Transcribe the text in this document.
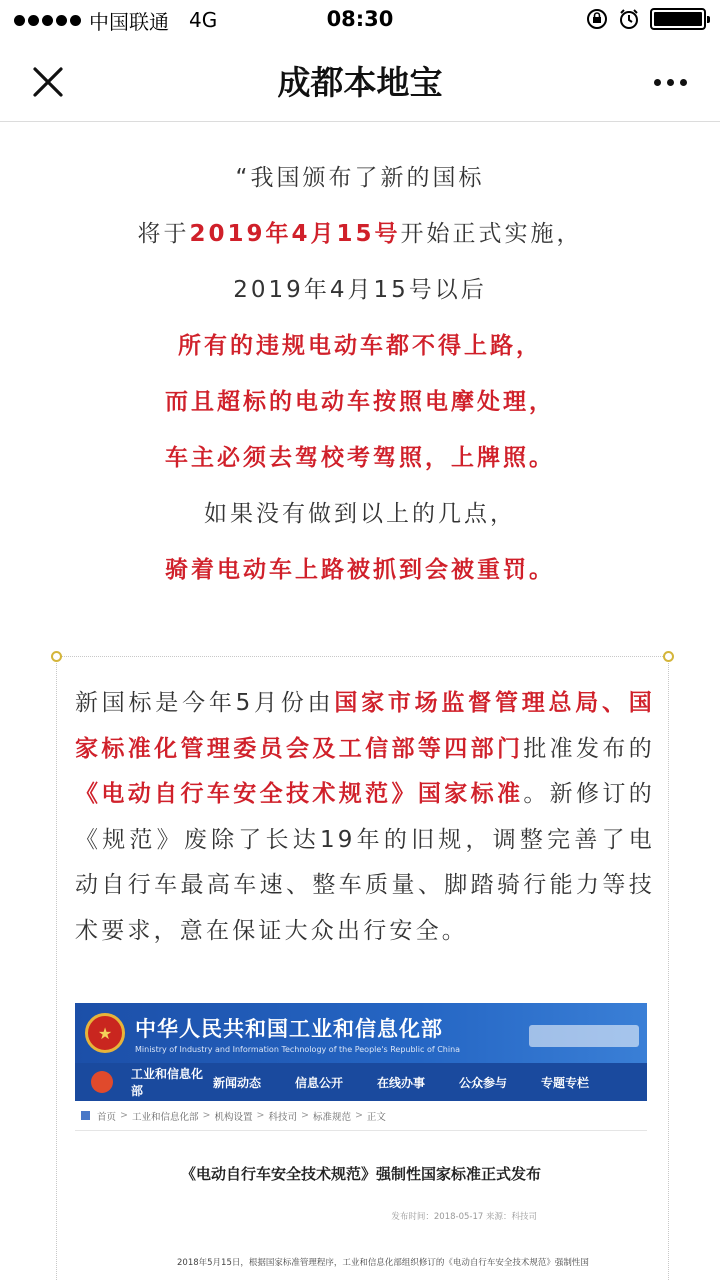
中国联通 4G	08:30
成都本地宝

“我国颁布了新的国标

将于2019年4月15号开始正式实施，

2019年4月15号以后

所有的违规电动车都不得上路，

而且超标的电动车按照电摩处理，

车主必须去驾校考驾照，上牌照。

如果没有做到以上的几点，

骑着电动车上路被抓到会被重罚。

新国标是今年5月份由国家市场监督管理总局、国家标准化管理委员会及工信部等四部门批准发布的《电动自行车安全技术规范》国家标准。新修订的《规范》废除了长达19年的旧规，调整完善了电动自行车最高车速、整车质量、脚踏骑行能力等技术要求，意在保证大众出行安全。
★
中华人民共和国工业和信息化部
Ministry of Industry and Information Technology of the People's Republic of China
工业和信息化部
新闻动态	信息公开	在线办事	公众参与	专题专栏
首页 > 工业和信息化部 > 机构设置 > 科技司 > 标准规范 > 正文
《电动自行车安全技术规范》强制性国家标准正式发布
发布时间：2018-05-17 来源：科技司
2018年5月15日，根据国家标准管理程序，工业和信息化部组织修订的《电动自行车安全技术规范》强制性国
